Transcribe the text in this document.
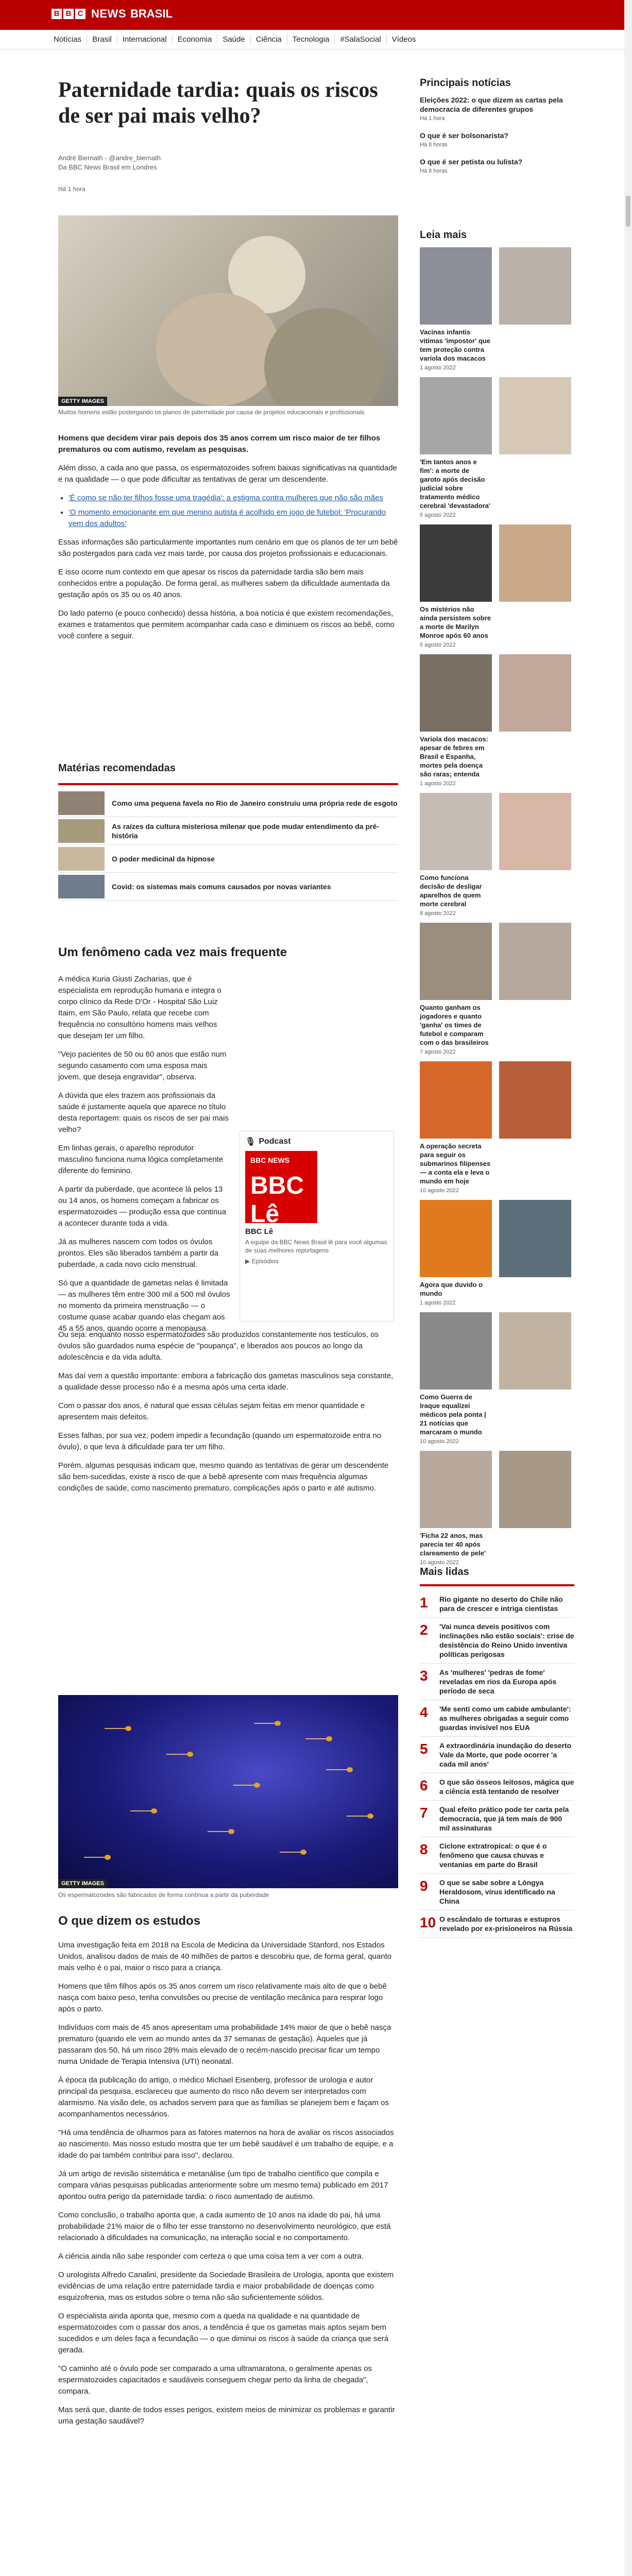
B B C NEWS BRASIL
Notícias	Brasil	Internacional	Economia	Saúde	Ciência	Tecnologia	#SalaSocial	Vídeos
Paternidade tardia: quais os riscos de ser pai mais velho?
André Biernath - @andre_biernath
Da BBC News Brasil em Londres
Há 1 hora
GETTY IMAGES
Muitos homens estão postergando os planos de paternidade por causa de projetos educacionais e profissionais

Homens que decidem virar pais depois dos 35 anos correm um risco maior de ter filhos prematuros ou com autismo, revelam as pesquisas.

Além disso, a cada ano que passa, os espermatozoides sofrem baixas significativas na quantidade e na qualidade — o que pode dificultar as tentativas de gerar um descendente.

• 'É como se não ter filhos fosse uma tragédia': a estigma contra mulheres que não são mães
• 'O momento emocionante em que menino autista é acolhido em jogo de futebol: 'Procurando vem dos adultos'

Essas informações são particularmente importantes num cenário em que os planos de ter um bebê são postergados para cada vez mais tarde, por causa dos projetos profissionais e educacionais.

E isso ocorre num contexto em que apesar os riscos da paternidade tardia são bem mais conhecidos entre a população. De forma geral, as mulheres sabem da dificuldade aumentada da gestação após os 35 ou os 40 anos.

Do lado paterno (e pouco conhecido) dessa história, a boa notícia é que existem recomendações, exames e tratamentos que permitem acompanhar cada caso e diminuem os riscos ao bebê, como você confere a seguir.

Matérias recomendadas
Como uma pequena favela no Rio de Janeiro construiu uma própria rede de esgoto
As raízes da cultura misteriosa milenar que pode mudar entendimento da pré-história
O poder medicinal da hipnose
Covid: os sistemas mais comuns causados por novas variantes
Um fenômeno cada vez mais frequente

A médica Kuria Giusti Zacharias, que é especialista em reprodução humana e integra o corpo clínico da Rede D'Or - Hospital São Luiz Itaim, em São Paulo, relata que recebe com frequência no consultório homens mais velhos que desejam ter um filho.

"Vejo pacientes de 50 ou 60 anos que estão num segundo casamento com uma esposa mais jovem, que deseja engravidar", observa.

A dúvida que eles trazem aos profissionais da saúde é justamente aquela que aparece no título desta reportagem: quais os riscos de ser pai mais velho?

Em linhas gerais, o aparelho reprodutor masculino funciona numa lógica completamente diferente do feminino.

A partir da puberdade, que acontece lá pelos 13 ou 14 anos, os homens começam a fabricar os espermatozoides — produção essa que continua a acontecer durante toda a vida.

Já as mulheres nascem com todos os óvulos prontos. Eles são liberados também a partir da puberdade, a cada novo ciclo menstrual.

Só que a quantidade de gametas nelas é limitada — as mulheres têm entre 300 mil a 500 mil óvulos no momento da primeira menstruação — o costume quase acabar quando elas chegam aos 45 a 55 anos, quando ocorre a menopausa.

🎙 Podcast
BBC NEWS
BBC Lê
BBC Lê
A equipe da BBC News Brasil lê para você algumas de suas melhores reportagens
▶ Episódios

Ou seja: enquanto nosso espermatozoides são produzidos constantemente nos testículos, os óvulos são guardados numa espécie de "poupança", e liberados aos poucos ao longo da adolescência e da vida adulta.

Mas daí vem a questão importante: embora a fabricação dos gametas masculinos seja constante, a qualidade desse processo não é a mesma após uma certa idade.

Com o passar dos anos, é natural que essas células sejam feitas em menor quantidade e apresentem mais defeitos.

Esses falhas, por sua vez, podem impedir a fecundação (quando um espermatozoide entra no óvulo), o que leva à dificuldade para ter um filho.

Porém, algumas pesquisas indicam que, mesmo quando as tentativas de gerar um descendente são bem-sucedidas, existe a risco de que a bebê apresente com mais frequência algumas condições de saúde, como nascimento prematuro, complicações após o parto e até autismo.

GETTY IMAGES
Os espermatozoides são fabricados de forma contínua a partir da puberdade
O que dizem os estudos

Uma investigação feita em 2018 na Escola de Medicina da Universidade Stanford, nos Estados Unidos, analisou dados de mais de 40 milhões de partos e descobriu que, de forma geral, quanto mais velho é o pai, maior o risco para a criança.

Homens que têm filhos após os 35 anos correm um risco relativamente mais alto de que o bebê nasça com baixo peso, tenha convulsões ou precise de ventilação mecânica para respirar logo após o parto.

Indivíduos com mais de 45 anos apresentam uma probabilidade 14% maior de que o bebê nasça prematuro (quando ele vem ao mundo antes da 37 semanas de gestação). Aqueles que já passaram dos 50, há um risco 28% mais elevado de o recém-nascido precisar ficar um tempo numa Unidade de Terapia Intensiva (UTI) neonatal.

À época da publicação do artigo, o médico Michael Eisenberg, professor de urologia e autor principal da pesquisa, esclareceu que aumento do risco não devem ser interpretados com alarmismo. Na visão dele, os achados servem para que as famílias se planejem bem e façam os acompanhamentos necessários.

"Há uma tendência de olharmos para as fatores maternos na hora de avaliar os riscos associados ao nascimento. Mas nosso estudo mostra que ter um bebê saudável é um trabalho de equipe, e a idade do pai também contribui para isso", declarou.

Já um artigo de revisão sistemática e metanálise (um tipo de trabalho científico que compila e compara várias pesquisas publicadas anteriormente sobre um mesmo tema) publicado em 2017 apontou outra perigo da paternidade tardia: o risco aumentado de autismo.

Como conclusão, o trabalho aponta que, a cada aumento de 10 anos na idade do pai, há uma probabilidade 21% maior de o filho ter esse transtorno no desenvolvimento neurológico, que está relacionado à dificuldades na comunicação, na interação social e no comportamento.

A ciência ainda não sabe responder com certeza o que uma coisa tem a ver com a outra.

O urologista Alfredo Canalini, presidente da Sociedade Brasileira de Urologia, aponta que existem evidências de uma relação entre paternidade tardia e maior probabilidade de doenças como esquizofrenia, mas os estudos sobre o tema não são suficientemente sólidos.

O especialista ainda aponta que, mesmo com a queda na qualidade e na quantidade de espermatozoides com o passar dos anos, a tendência é que os gametas mais aptos sejam bem sucedidos e um deles faça a fecundação — o que diminui os riscos à saúde da criança que será gerada.

"O caminho até o óvulo pode ser comparado a uma ultramaratona, o geralmente apenas os espermatozoides capacitados e saudáveis conseguem chegar perto da linha de chegada", compara.

Mas será que, diante de todos esses perigos, existem meios de minimizar os problemas e garantir uma gestação saudável?

Principais notícias
Eleições 2022: o que dizem as cartas pela democracia de diferentes grupos
Há 1 hora
O que é ser bolsonarista?
Há 8 horas
O que é ser petista ou lulista?
Há 8 horas
Leia mais
Vacinas infantis vitimas 'impostor' que tem proteção contra varíola dos macacos
1 agosto 2022
'Em tantos anos e fim': a morte de garoto após decisão judicial sobre tratamento médico cerebral 'devastadora'
5 agosto 2022
Os mistérios não ainda persistem sobre a morte de Marilyn Monroe após 60 anos
5 agosto 2022
Variola dos macacos: apesar de febres em Brasil e Espanha, mortes pela doença são raras; entenda
1 agosto 2022
Como funciona decisão de desligar aparelhos de quem morte cerebral
8 agosto 2022
Quanto ganham os jogadores e quanto 'ganha' os times de futebol e comparam com o das brasileiros
7 agosto 2022
A operação secreta para seguir os submarinos filipenses — a conta ela e leva o mundo em hoje
10 agosto 2022
Agora que duvido o mundo
1 agosto 2022
Como Guerra de Iraque equalizei médicos pela ponta | 21 notícias que marcaram o mundo
10 agosto 2022
'Ficha 22 anos, mas parecia ter 40 após clareamento de pele'
10 agosto 2022
Mais lidas
1	Rio gigante no deserto do Chile não para de crescer e intriga cientistas
2	'Vai nunca deveis positivos com inclinações não estão sociais': crise de desistência do Reino Unido inventiva políticas perigosas
3	As 'mulheres' 'pedras de fome' reveladas em rios da Europa após período de seca
4	'Me senti como um cabide ambulante': as mulheres obrigadas a seguir como guardas invisível nos EUA
5	A extraordinária inundação do deserto Vale da Morte, que pode ocorrer 'a cada mil anos'
6	O que são ósseos leitosos, mágica que a ciência está tentando de resolver
7	Qual efeito prático pode ter carta pela democracia, que já tem mais de 900 mil assinaturas
8	Ciclone extratropical: o que é o fenômeno que causa chuvas e ventanias em parte do Brasil
9	O que se sabe sobre a Lóngya Heraldosom, vírus identificado na China
10 O escândalo de torturas e estupros revelado por ex-prisioneiros na Rússia
